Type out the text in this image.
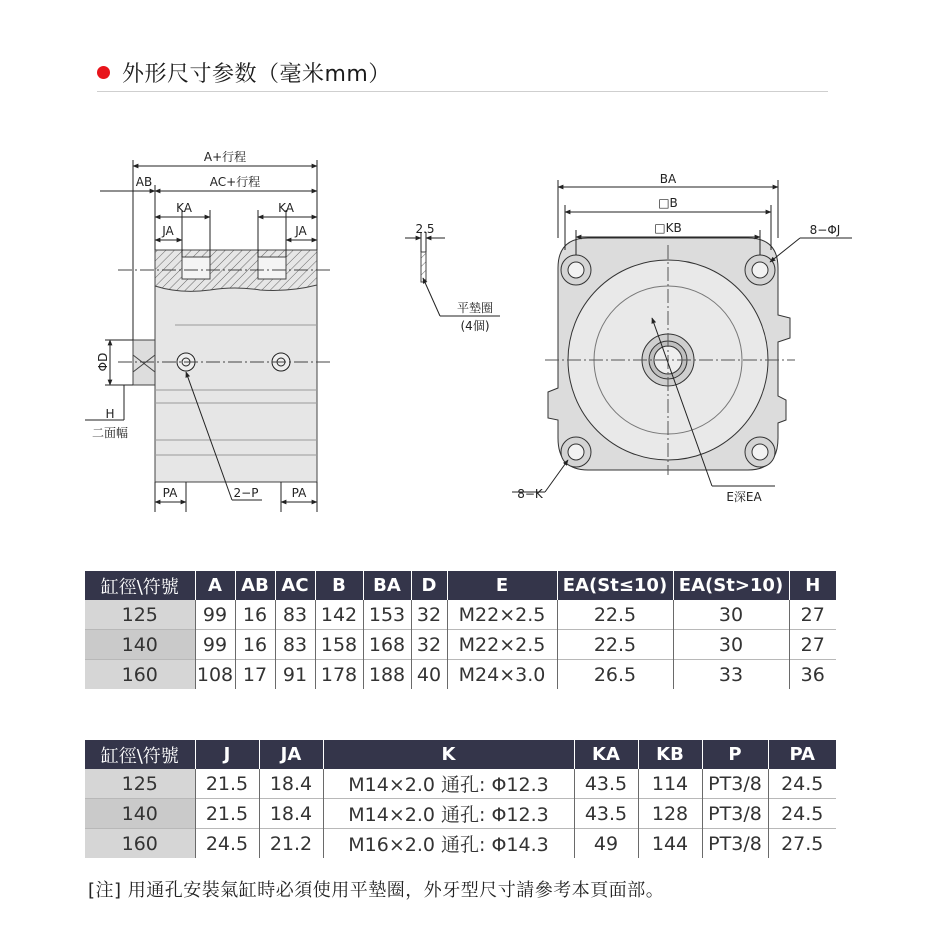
外形尺寸参数（毫米mm）
A+行程
AB	AC+行程
KA	KA
JA	JA
ΦD
H
二面幅
PA	2−P	PA
2.5
平墊圈
(4個)
BA
□B
□KB	8−ΦJ
8−K	E深EA
缸徑\符號	A	AB	AC	B	BA	D	E	EA(St≤10)	EA(St>10)	H
125	99	16	83	142	153	32	M22×2.5	22.5	30	27
140	99	16	83	158	168	32	M22×2.5	22.5	30	27
160	108	17	91	178	188	40	M24×3.0	26.5	33	36
缸徑\符號	J	JA	K	KA	KB	P	PA
125	21.5	18.4	M14×2.0 通孔: Φ12.3	43.5	114	PT3/8	24.5
140	21.5	18.4	M14×2.0 通孔: Φ12.3	43.5	128	PT3/8	24.5
160	24.5	21.2	M16×2.0 通孔: Φ14.3	49	144	PT3/8	27.5
[注] 用通孔安裝氣缸時必須使用平墊圈，外牙型尺寸請參考本頁面部。
